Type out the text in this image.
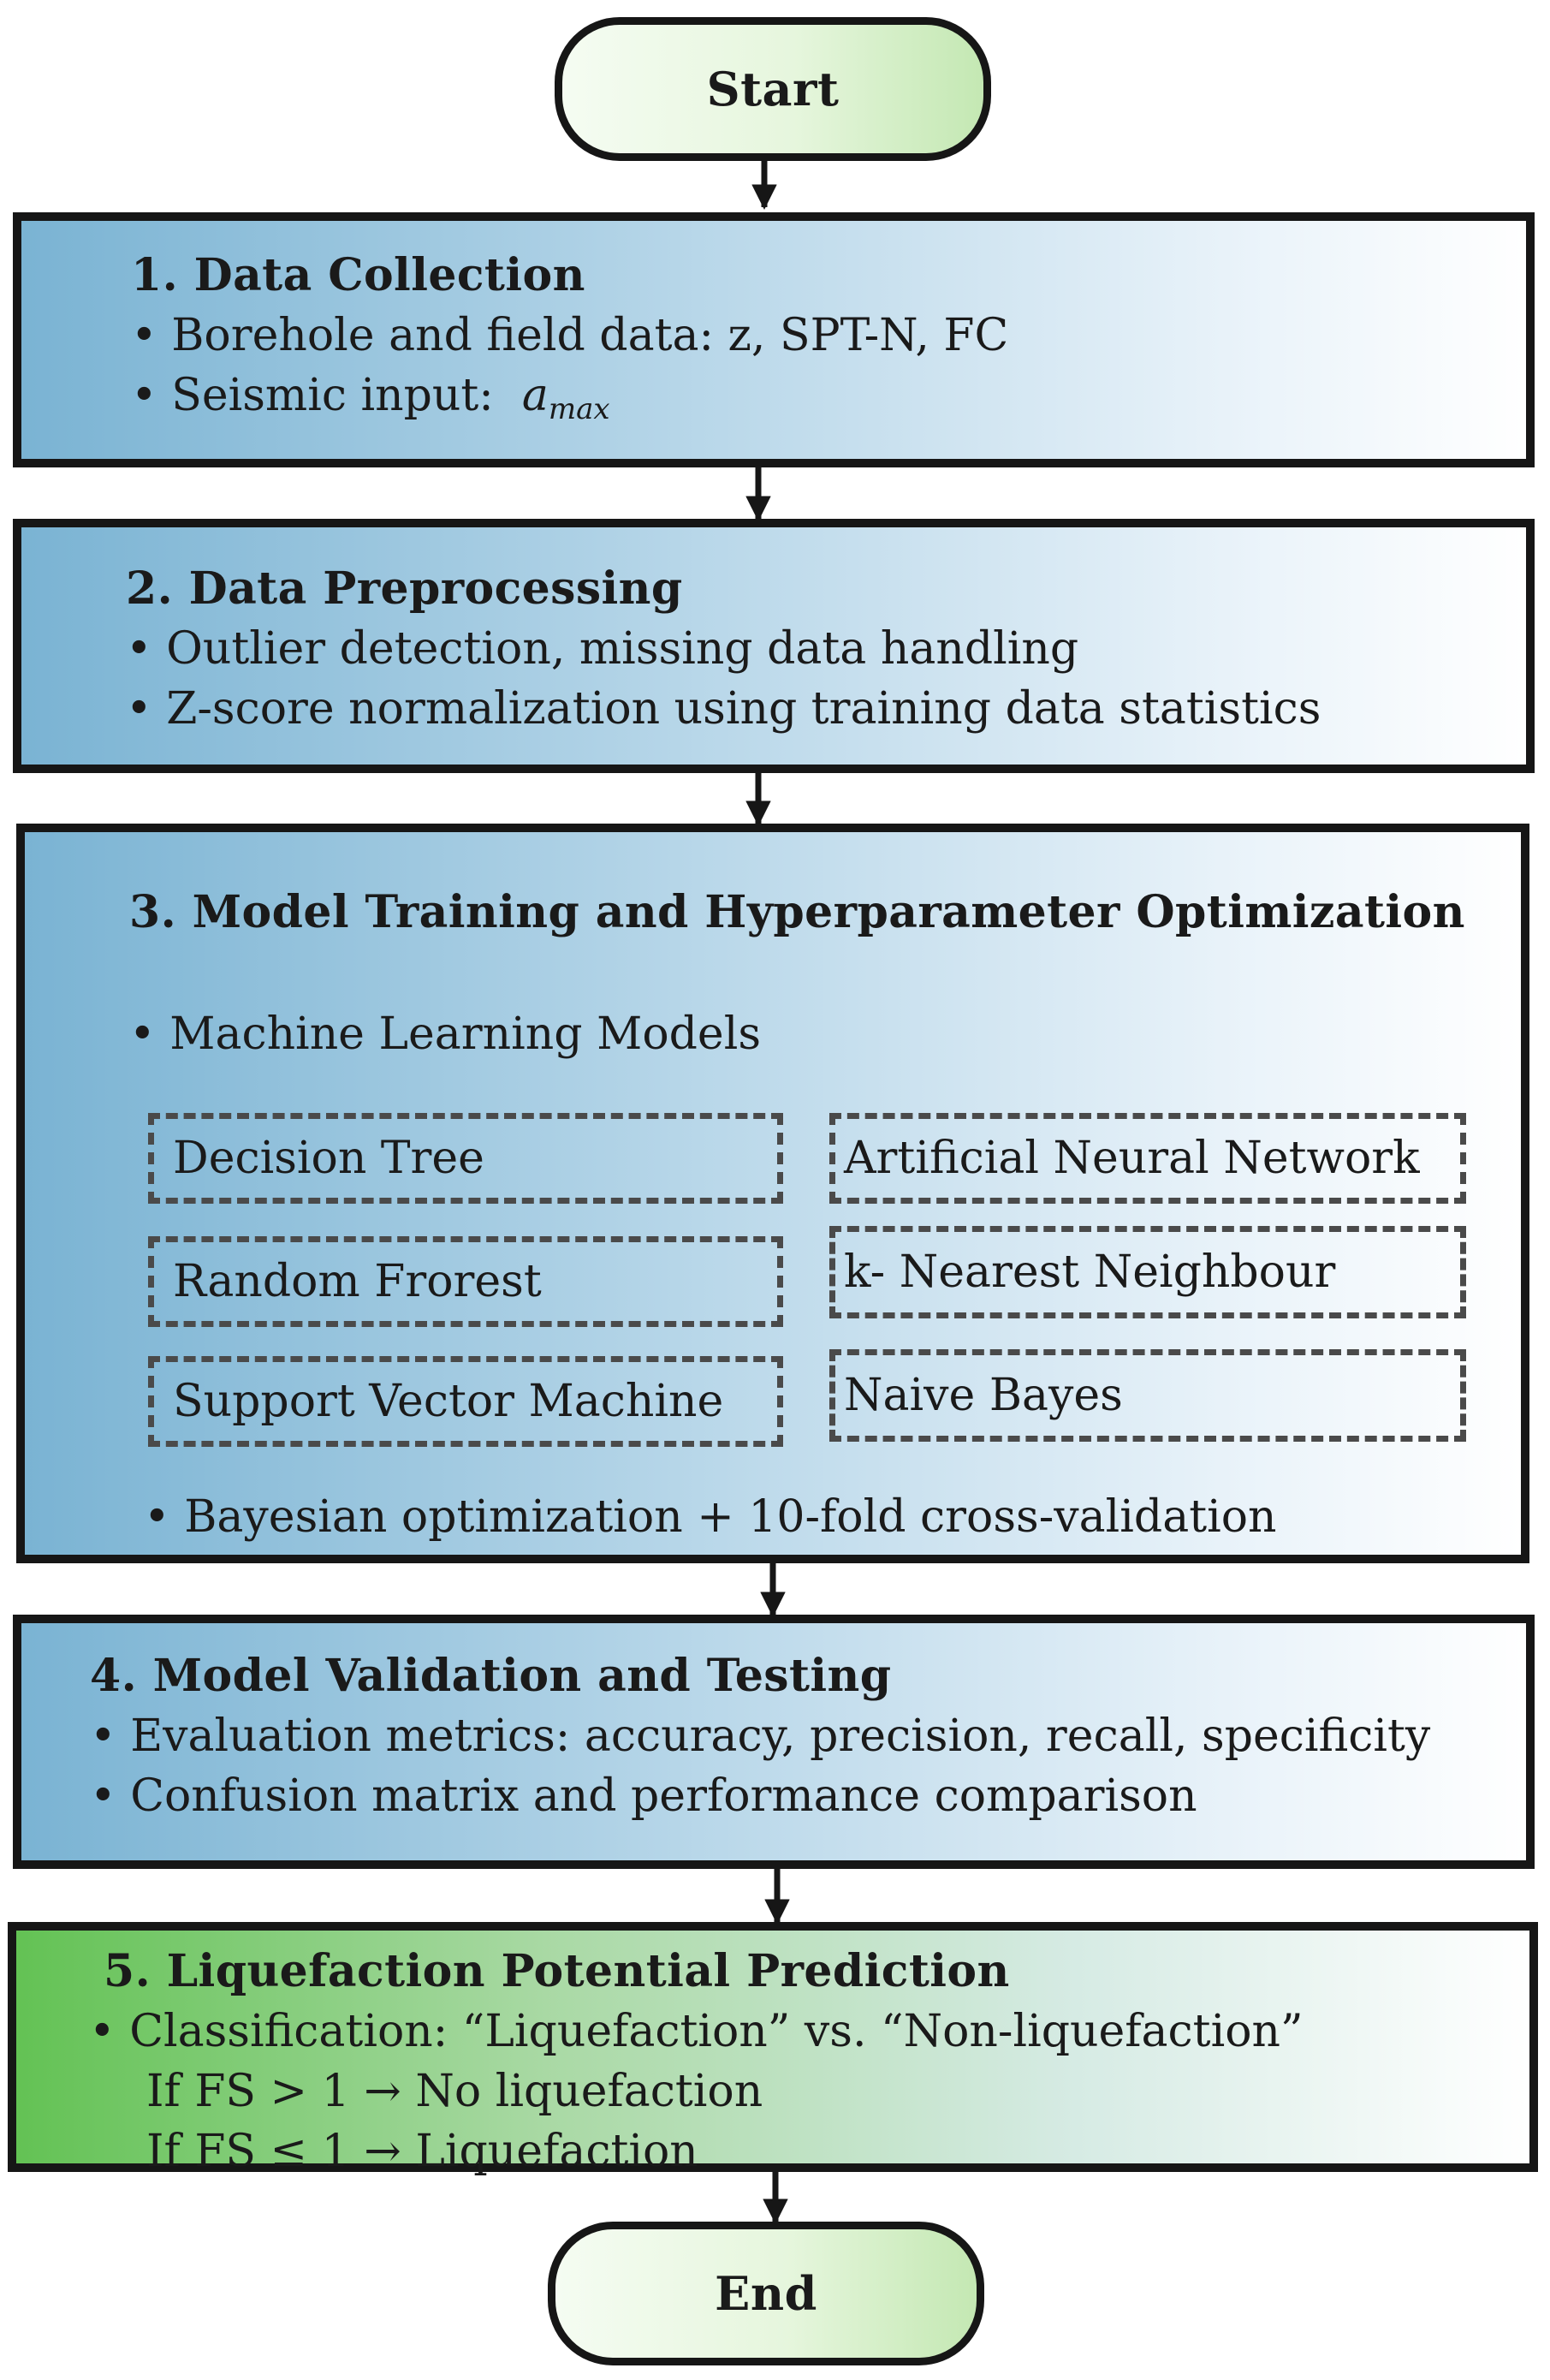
Start
1. Data Collection
• Borehole and field data: z, SPT-N, FC
• Seismic input:  $a_{max}$
2. Data Preprocessing
• Outlier detection, missing data handling
• Z-score normalization using training data statistics
3. Model Training and Hyperparameter Optimization
• Machine Learning Models
Decision Tree	Artificial Neural Network
Random Frorest	k- Nearest Neighbour
Support Vector Machine	Naive Bayes
• Bayesian optimization + 10-fold cross-validation
4. Model Validation and Testing
• Evaluation metrics: accuracy, precision, recall, specificity
• Confusion matrix and performance comparison
5. Liquefaction Potential Prediction
• Classification: “Liquefaction” vs. “Non-liquefaction”
If FS > 1 → No liquefaction
If FS ≤ 1 → Liquefaction
End
